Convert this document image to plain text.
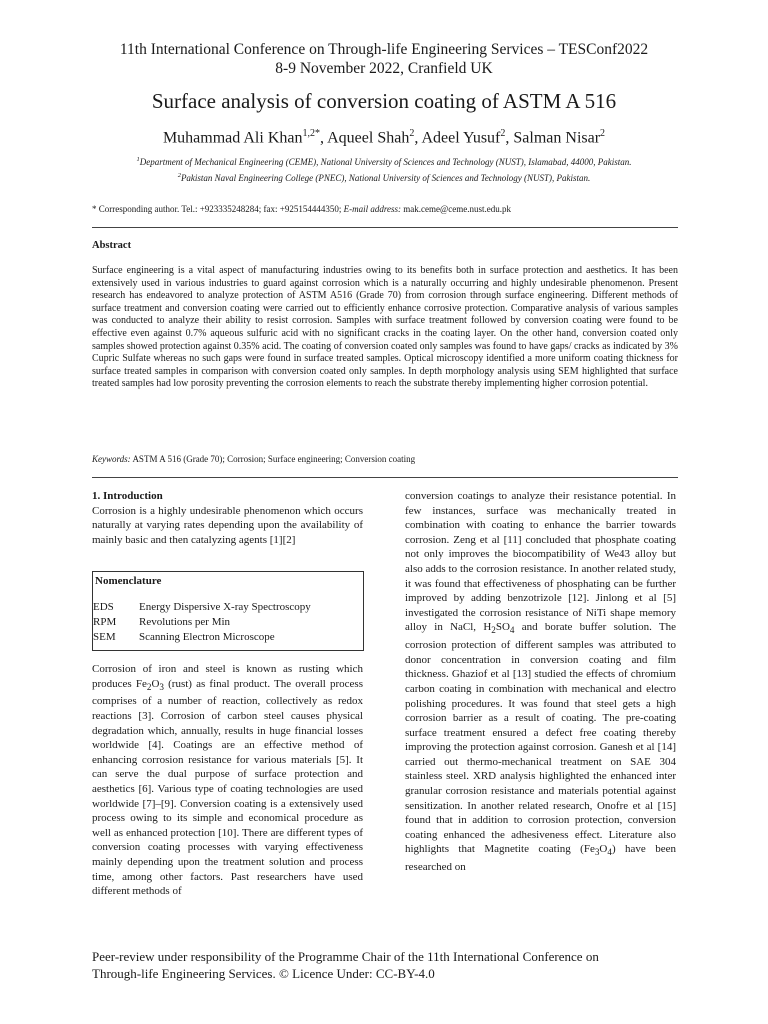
11th International Conference on Through-life Engineering Services – TESConf2022
8-9 November 2022, Cranfield UK
Surface analysis of conversion coating of ASTM A 516
Muhammad Ali Khan$^{1,2*}$, Aqueel Shah$^2$, Adeel Yusuf$^2$, Salman Nisar$^2$
$^1$Department of Mechanical Engineering (CEME), National University of Sciences and Technology (NUST), Islamabad, 44000, Pakistan.
$^2$Pakistan Naval Engineering College (PNEC), National University of Sciences and Technology (NUST), Pakistan.
* Corresponding author. Tel.: +923335248284; fax: +925154444350; E-mail address: mak.ceme@ceme.nust.edu.pk
Abstract
Surface engineering is a vital aspect of manufacturing industries owing to its benefits both in surface protection and aesthetics. It has been extensively used in various industries to guard against corrosion which is a naturally occurring and highly undesirable phenomenon. Present research has endeavored to analyze protection of ASTM A516 (Grade 70) from corrosion through surface engineering. Different methods of surface treatment and conversion coating were carried out to efficiently enhance corrosive protection. Comparative analysis of various samples was conducted to analyze their ability to resist corrosion. Samples with surface treatment followed by conversion coating were found to be effective even against 0.7% aqueous sulfuric acid with no significant cracks in the coating layer. On the other hand, conversion coated only samples showed protection against 0.35% acid. The coating of conversion coated only samples was found to have gaps/ cracks as indicated by 3% Cupric Sulfate whereas no such gaps were found in surface treated samples. Optical microscopy identified a more uniform coating thickness for surface treated samples in comparison with conversion coated only samples. In depth morphology analysis using SEM highlighted that surface treated samples had low porosity preventing the corrosion elements to reach the substrate thereby implementing higher corrosion potential.
Keywords: ASTM A 516 (Grade 70); Corrosion; Surface engineering; Conversion coating
1. Introduction
Corrosion is a highly undesirable phenomenon which occurs naturally at varying rates depending upon the availability of mainly basic and then catalyzing agents [1][2]
Nomenclature
EDS	Energy Dispersive X-ray Spectroscopy
RPM	Revolutions per Min
SEM	Scanning Electron Microscope
Corrosion of iron and steel is known as rusting which produces $Fe_2O_3$ (rust) as final product. The overall process comprises of a number of reaction, collectively as redox reactions [3]. Corrosion of carbon steel causes physical degradation which, annually, results in huge financial losses worldwide [4]. Coatings are an effective method of enhancing corrosion resistance for various materials [5]. It can serve the dual purpose of surface protection and aesthetics [6]. Various type of coating technologies are used worldwide [7]–[9]. Conversion coating is a extensively used process owing to its simple and economical procedure as well as enhanced protection [10]. There are different types of conversion coating processes with varying effectiveness mainly depending upon the treatment solution and process time, among other factors. Past researchers have used different methods of
conversion coatings to analyze their resistance potential. In few instances, surface was mechanically treated in combination with coating to enhance the barrier towards corrosion. Zeng et al [11] concluded that phosphate coating not only improves the biocompatibility of We43 alloy but also adds to the corrosion resistance. In another related study, it was found that effectiveness of phosphating can be further improved by adding benzotrizole [12]. Jinlong et al [5] investigated the corrosion resistance of NiTi shape memory alloy in NaCl, $H_2SO_4$ and borate buffer solution. The corrosion protection of different samples was attributed to donor concentration in conversion coating and film thickness. Ghaziof et al [13] studied the effects of chromium carbon coating in combination with mechanical and electro polishing procedures. It was found that steel gets a high corrosion barrier as a result of coating. The pre-coating surface treatment ensured a defect free coating thereby improving the protection against corrosion. Ganesh et al [14] carried out thermo-mechanical treatment on SAE 304 stainless steel. XRD analysis highlighted the enhanced inter granular corrosion resistance and materials potential against sensitization. In another related research, Onofre et al [15] found that in addition to corrosion protection, conversion coating enhanced the adhesiveness effect. Literature also highlights that Magnetite coating $(Fe_3O_4)$ have been researched on
Peer-review under responsibility of the Programme Chair of the 11th International Conference on
Through-life Engineering Services. © Licence Under: CC-BY-4.0
